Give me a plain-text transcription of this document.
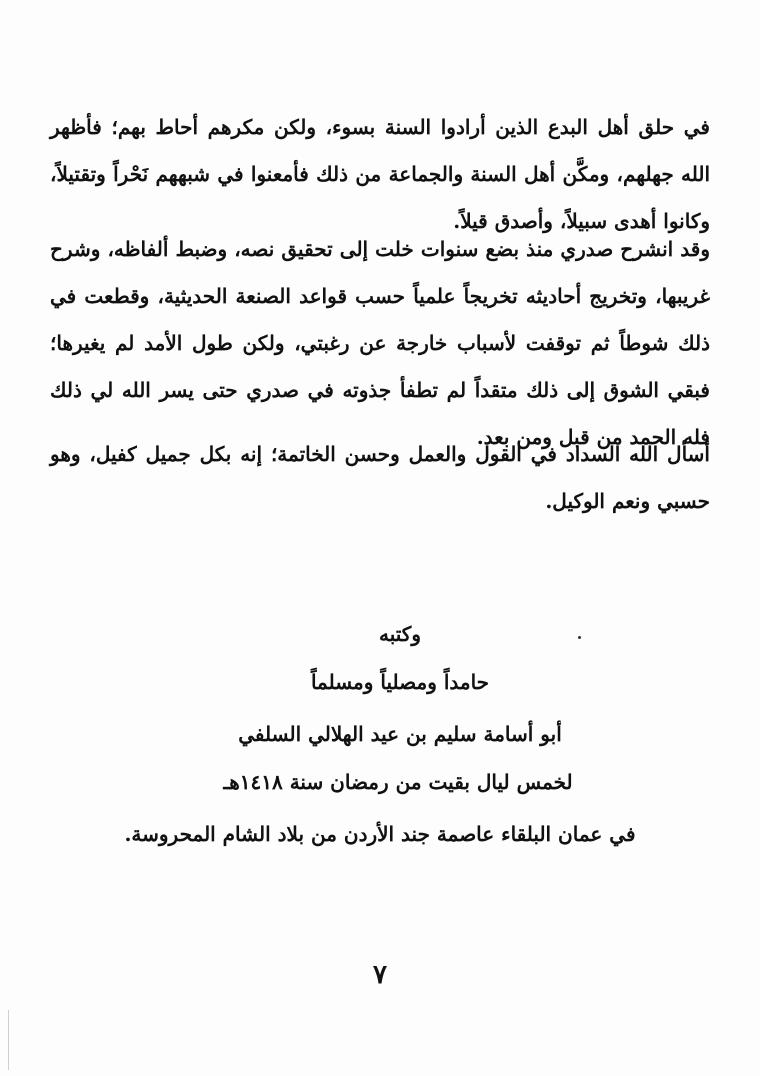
في حلق أهل البدع الذين أرادوا السنة بسوء، ولكن مكرهم أحاط بهم؛ فأظهر الله جهلهم، ومكَّن أهل السنة والجماعة من ذلك فأمعنوا في شبههم نَحْراً وتقتيلاً، وكانوا أهدى سبيلاً، وأصدق قيلاً.

وقد انشرح صدري منذ بضع سنوات خلت إلى تحقيق نصه، وضبط ألفاظه، وشرح غريبها، وتخريج أحاديثه تخريجاً علمياً حسب قواعد الصنعة الحديثية، وقطعت في ذلك شوطاً ثم توقفت لأسباب خارجة عن رغبتي، ولكن طول الأمد لم يغيرها؛ فبقي الشوق إلى ذلك متقداً لم تطفأ جذوته في صدري حتى يسر الله لي ذلك فله الحمد من قبل ومن بعد.

أسأل الله السداد في القول والعمل وحسن الخاتمة؛ إنه بكل جميل كفيل، وهو حسبي ونعم الوكيل.

وكتبه

حامداً ومصلياً ومسلماً

أبو أسامة سليم بن عيد الهلالي السلفي

لخمس ليال بقيت من رمضان سنة ١٤١٨هـ

في عمان البلقاء عاصمة جند الأردن من بلاد الشام المحروسة.

٧
